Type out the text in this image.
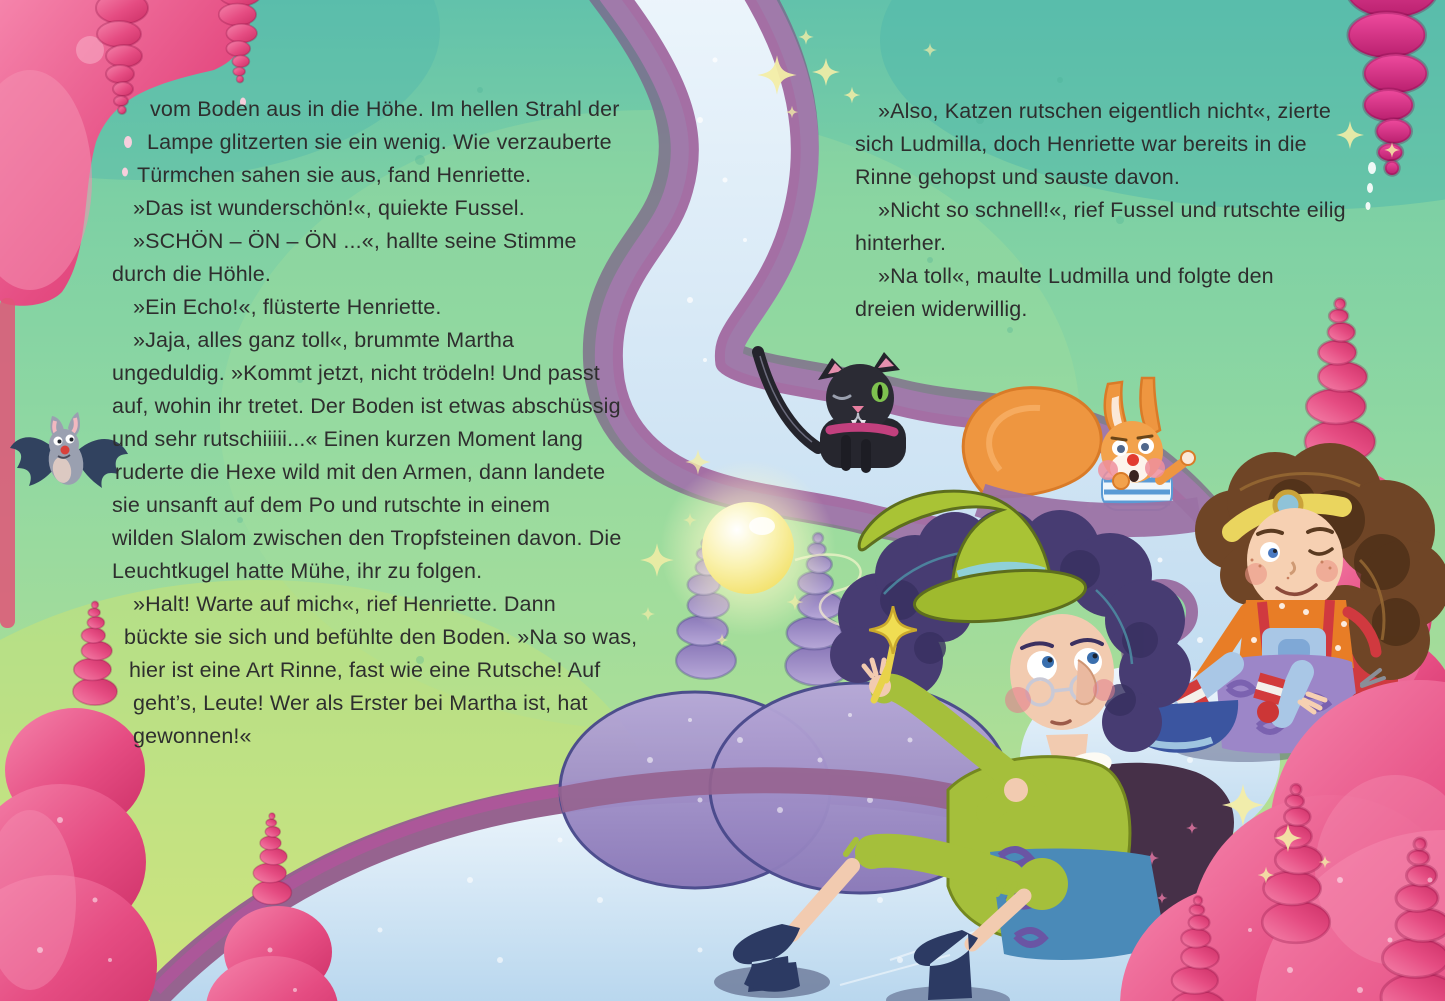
vom Boden aus in die Höhe. Im hellen Strahl der
Lampe glitzerten sie ein wenig. Wie verzauberte
Türmchen sahen sie aus, fand Henriette.
»Das ist wunderschön!«, quiekte Fussel.
»SCHÖN – ÖN – ÖN ...«, hallte seine Stimme
durch die Höhle.
»Ein Echo!«, flüsterte Henriette.
»Jaja, alles ganz toll«, brummte Martha
ungeduldig. »Kommt jetzt, nicht trödeln! Und passt
auf, wohin ihr tretet. Der Boden ist etwas abschüssig
und sehr rutschiiiii...« Einen kurzen Moment lang
ruderte die Hexe wild mit den Armen, dann landete
sie unsanft auf dem Po und rutschte in einem
wilden Slalom zwischen den Tropfsteinen davon. Die
Leuchtkugel hatte Mühe, ihr zu folgen.
»Halt! Warte auf mich«, rief Henriette. Dann
bückte sie sich und befühlte den Boden. »Na so was,
hier ist eine Art Rinne, fast wie eine Rutsche! Auf
geht’s, Leute! Wer als Erster bei Martha ist, hat
gewonnen!«
»Also, Katzen rutschen eigentlich nicht«, zierte
sich Ludmilla, doch Henriette war bereits in die
Rinne gehopst und sauste davon.
»Nicht so schnell!«, rief Fussel und rutschte eilig
hinterher.
»Na toll«, maulte Ludmilla und folgte den
dreien widerwillig.
